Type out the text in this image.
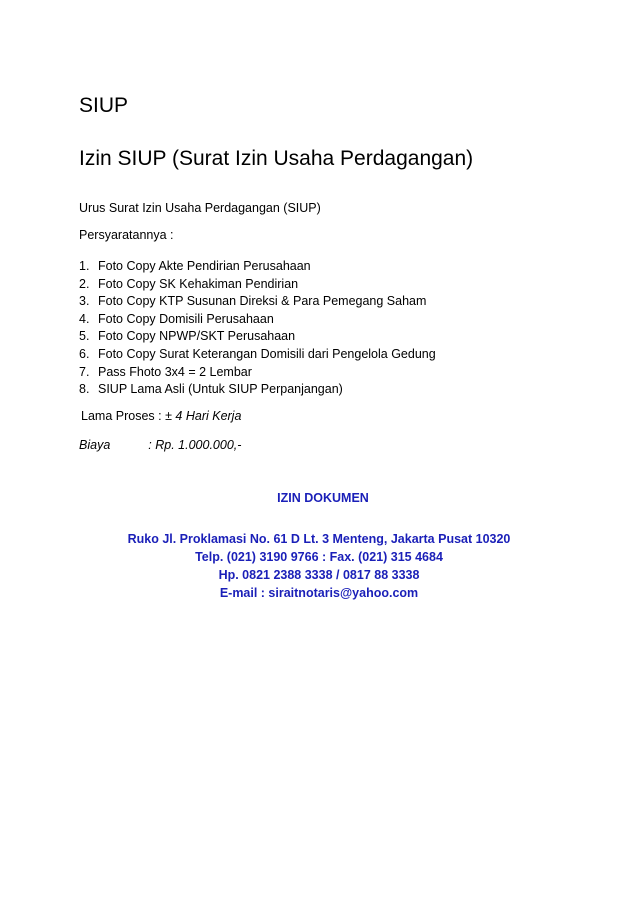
SIUP
Izin SIUP (Surat Izin Usaha Perdagangan)

Urus Surat Izin Usaha Perdagangan (SIUP)

Persyaratannya :

1. Foto Copy Akte Pendirian Perusahaan
2. Foto Copy SK Kehakiman Pendirian
3. Foto Copy KTP Susunan Direksi & Para Pemegang Saham
4. Foto Copy Domisili Perusahaan
5. Foto Copy NPWP/SKT Perusahaan
6. Foto Copy Surat Keterangan Domisili dari Pengelola Gedung
7. Pass Fhoto 3x4 = 2 Lembar
8. SIUP Lama Asli (Untuk SIUP Perpanjangan)

Lama Proses : ± 4 Hari Kerja

Biaya	: Rp. 1.000.000,-

IZIN DOKUMEN
Ruko Jl. Proklamasi No. 61 D Lt. 3 Menteng, Jakarta Pusat 10320
Telp. (021) 3190 9766 : Fax. (021) 315 4684
Hp. 0821 2388 3338 / 0817 88 3338
E-mail : siraitnotaris@yahoo.com
